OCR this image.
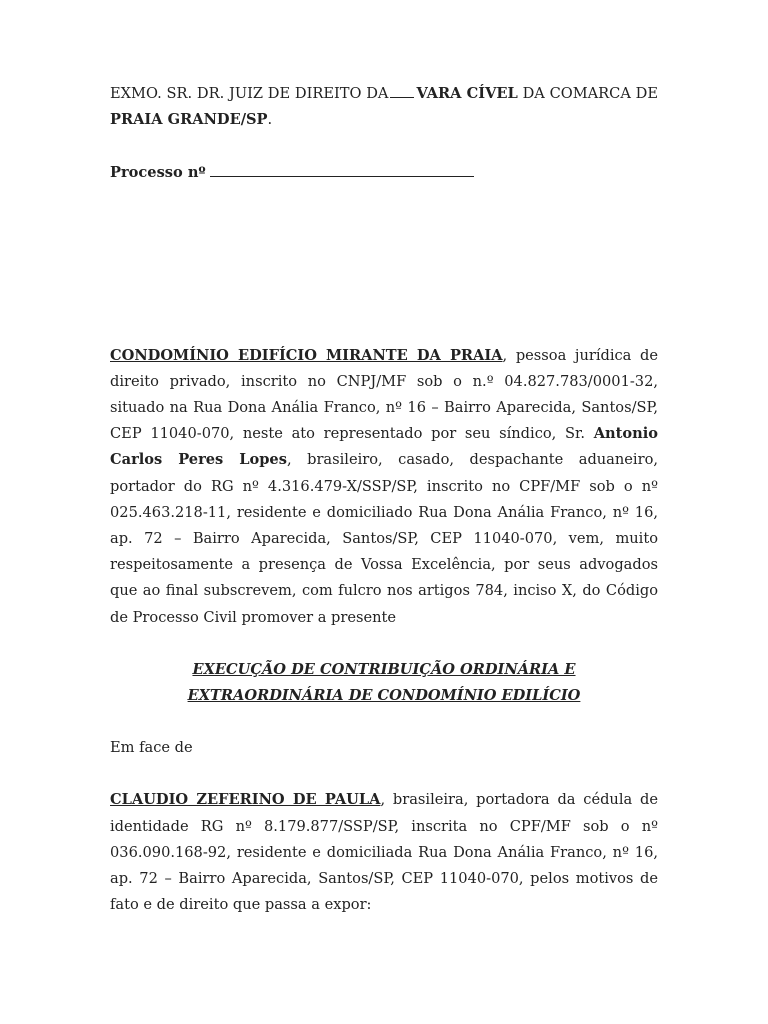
EXMO. SR. DR. JUIZ DE DIREITO DA VARA CÍVEL DA COMARCA DE PRAIA GRANDE/SP.

Processo nº

CONDOMÍNIO EDIFÍCIO MIRANTE DA PRAIA, pessoa jurídica de direito privado, inscrito no CNPJ/MF sob o n.º 04.827.783/0001-32, situado na Rua Dona Anália Franco, nº 16 – Bairro Aparecida, Santos/SP, CEP 11040-070, neste ato representado por seu síndico, Sr. Antonio Carlos Peres Lopes, brasileiro, casado, despachante aduaneiro, portador do RG nº 4.316.479-X/SSP/SP, inscrito no CPF/MF sob o nº 025.463.218-11, residente e domiciliado Rua Dona Anália Franco, nº 16, ap. 72 – Bairro Aparecida, Santos/SP, CEP 11040-070, vem, muito respeitosamente a presença de Vossa Excelência, por seus advogados que ao final subscrevem, com fulcro nos artigos 784, inciso X, do Código de Processo Civil promover a presente

EXECUÇÃO DE CONTRIBUIÇÃO ORDINÁRIA E

EXTRAORDINÁRIA DE CONDOMÍNIO EDILÍCIO

Em face de

CLAUDIO ZEFERINO DE PAULA, brasileira, portadora da cédula de identidade RG nº 8.179.877/SSP/SP, inscrita no CPF/MF sob o nº 036.090.168-92, residente e domiciliada Rua Dona Anália Franco, nº 16, ap. 72 – Bairro Aparecida, Santos/SP, CEP 11040-070, pelos motivos de fato e de direito que passa a expor:
